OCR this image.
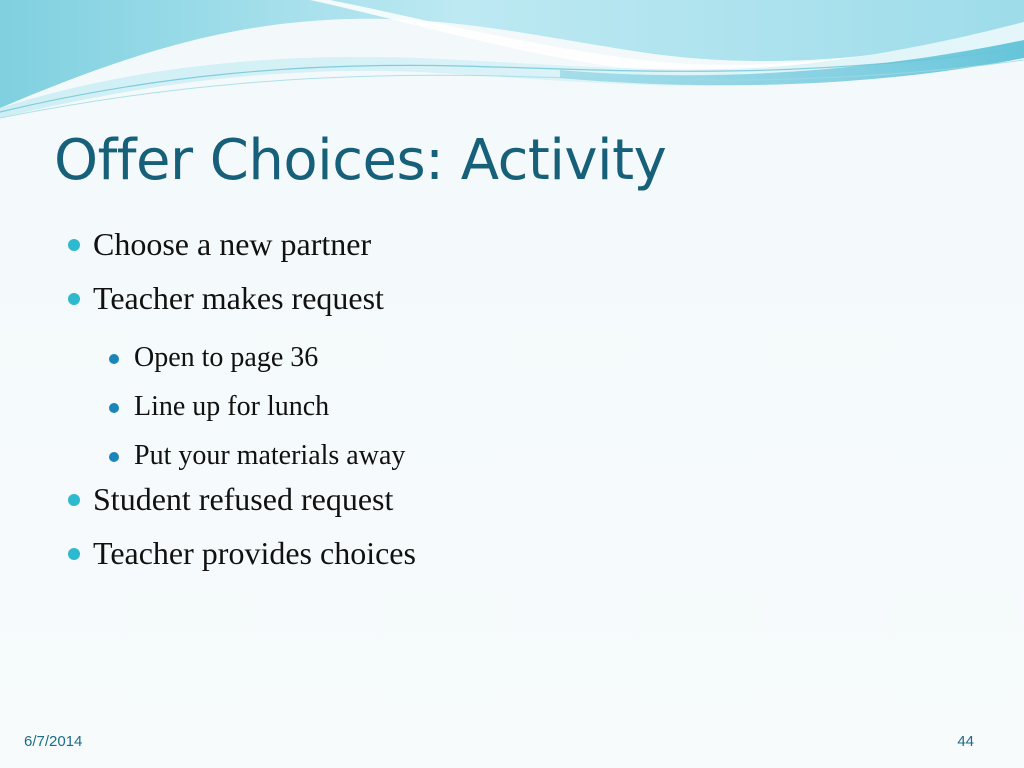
Offer Choices: Activity
Choose a new partner
Teacher makes request
Open to page 36
Line up for lunch
Put your materials away
Student refused request
Teacher provides choices
6/7/2014	44
